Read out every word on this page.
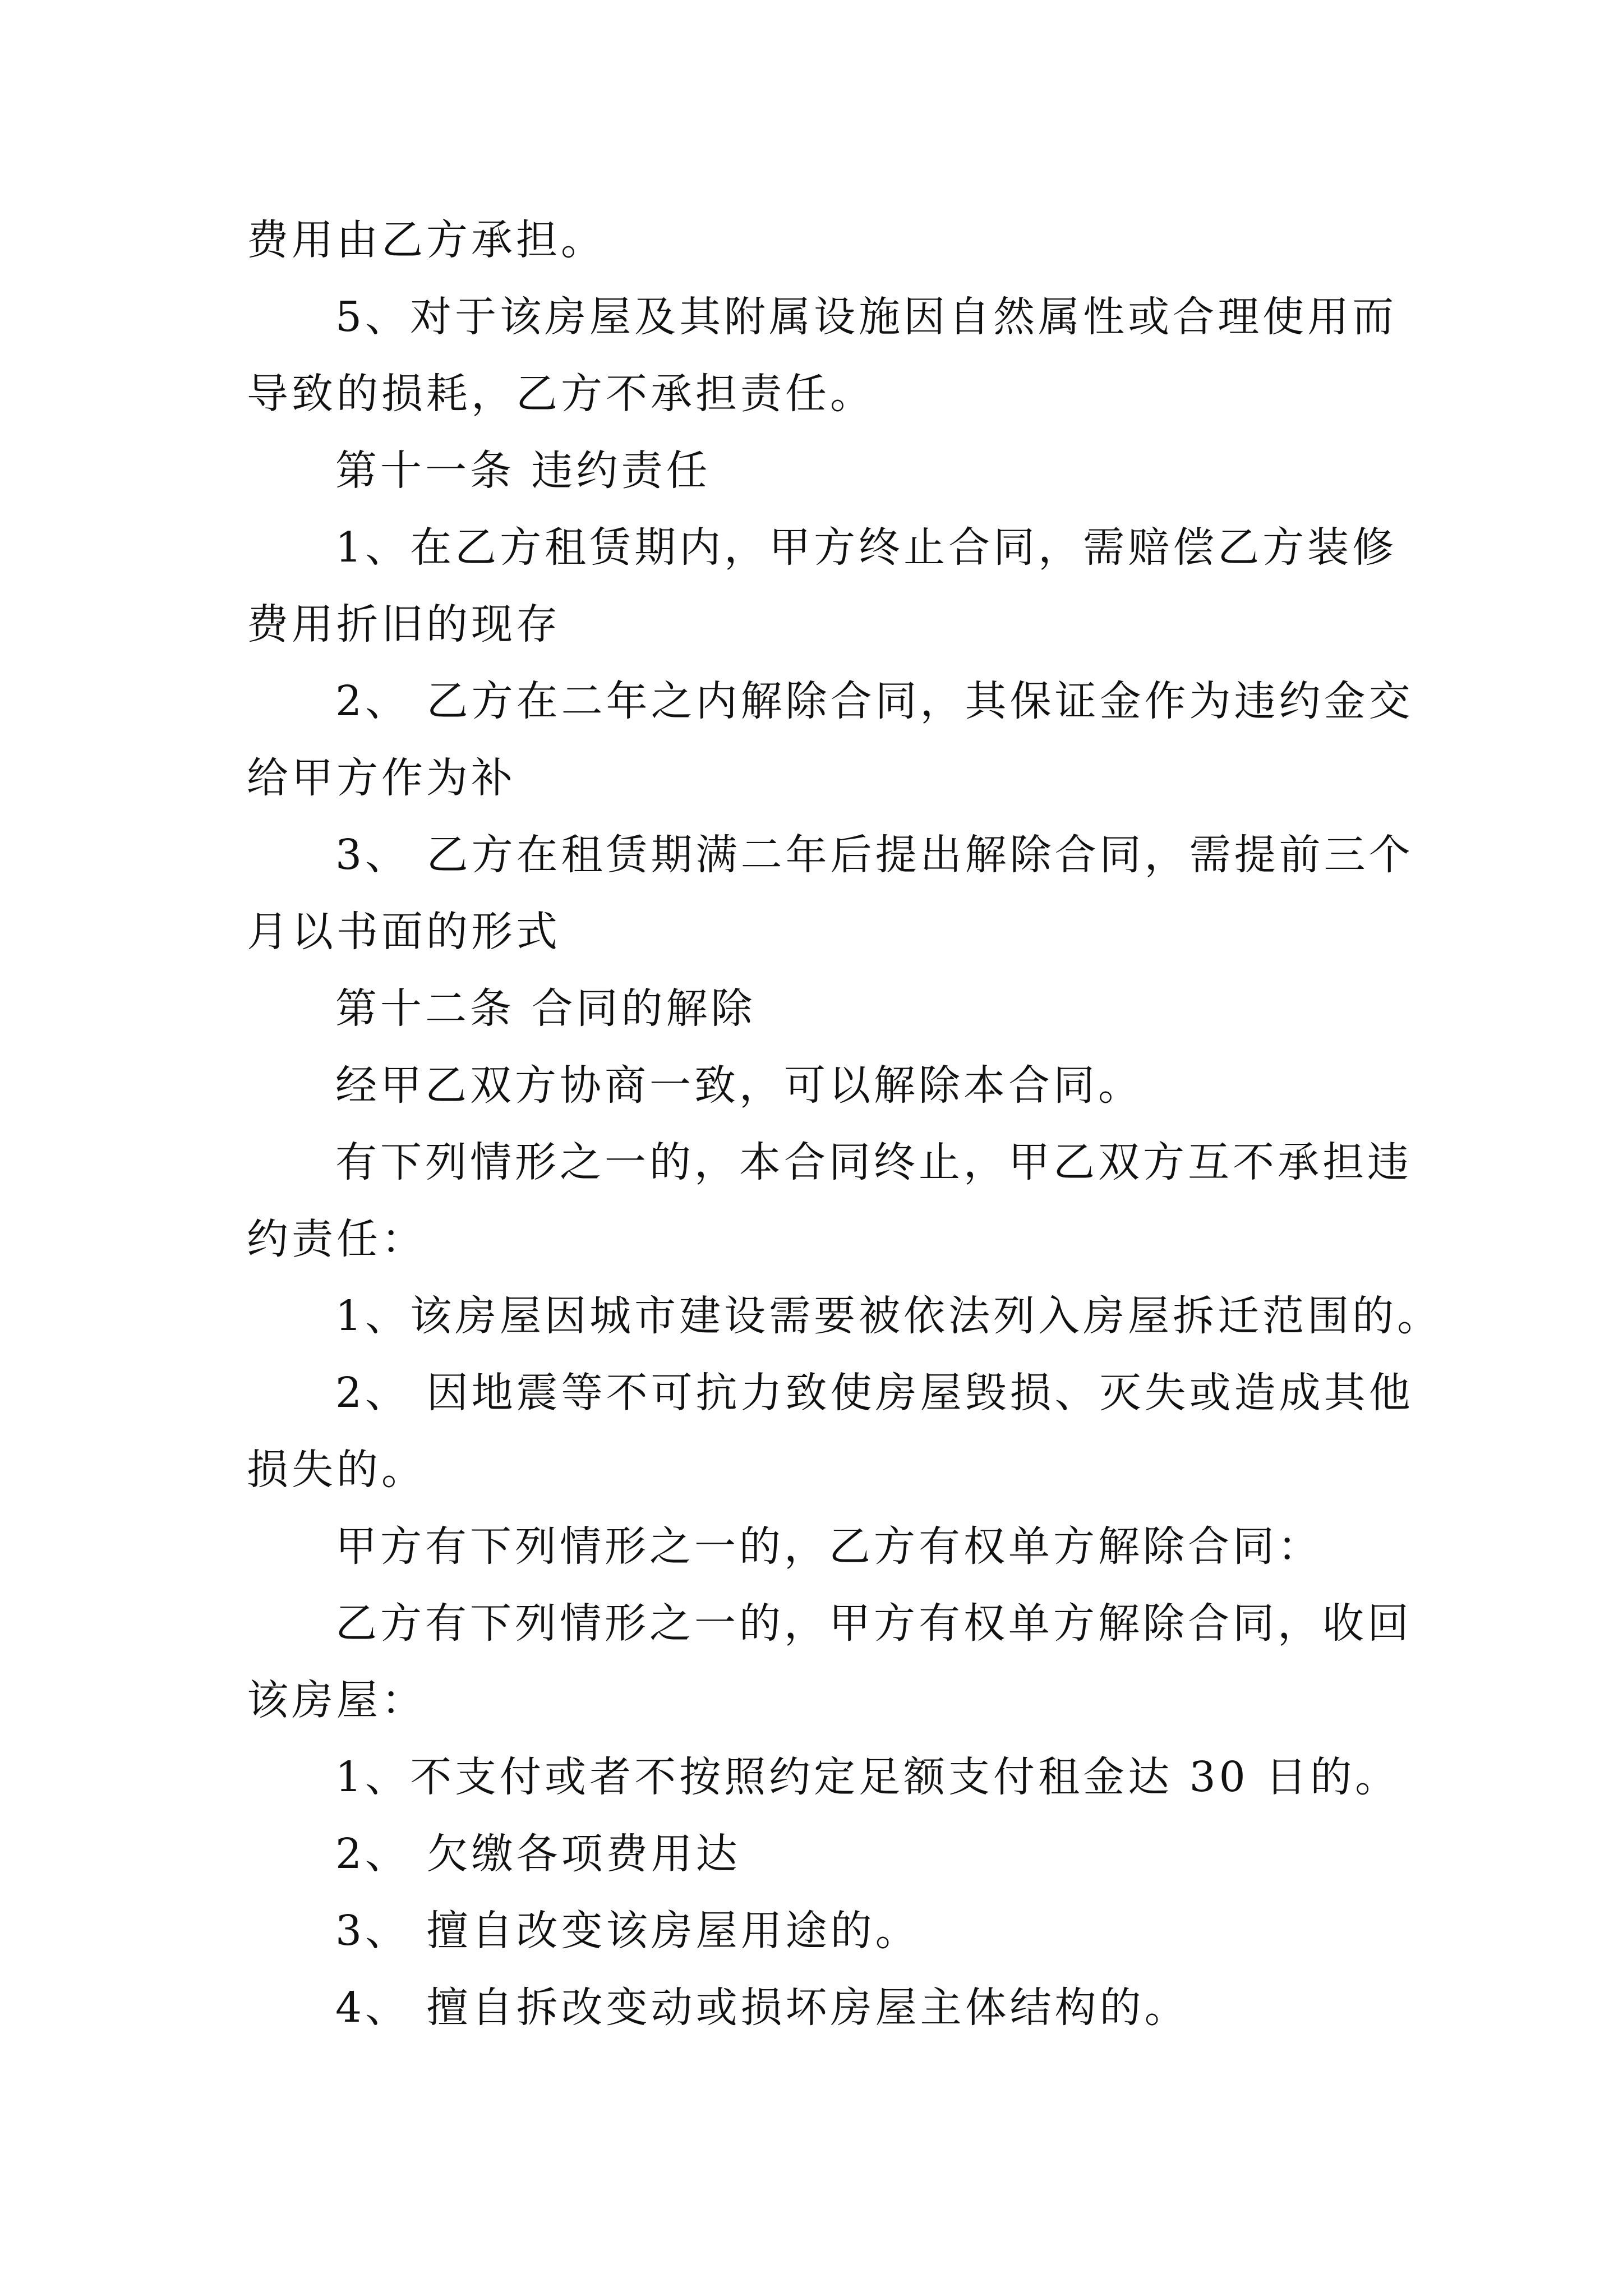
费用由乙方承担。
5、对于该房屋及其附属设施因自然属性或合理使用而
导致的损耗，乙方不承担责任。
第十一条 违约责任
1、在乙方租赁期内，甲方终止合同，需赔偿乙方装修
费用折旧的现存
2、 乙方在二年之内解除合同，其保证金作为违约金交
给甲方作为补
3、 乙方在租赁期满二年后提出解除合同，需提前三个
月以书面的形式
第十二条 合同的解除
经甲乙双方协商一致，可以解除本合同。
有下列情形之一的，本合同终止，甲乙双方互不承担违
约责任：
1、该房屋因城市建设需要被依法列入房屋拆迁范围的。
2、 因地震等不可抗力致使房屋毁损、灭失或造成其他
损失的。
甲方有下列情形之一的，乙方有权单方解除合同：
乙方有下列情形之一的，甲方有权单方解除合同，收回
该房屋：
1、不支付或者不按照约定足额支付租金达 30 日的。
2、 欠缴各项费用达
3、 擅自改变该房屋用途的。
4、 擅自拆改变动或损坏房屋主体结构的。
